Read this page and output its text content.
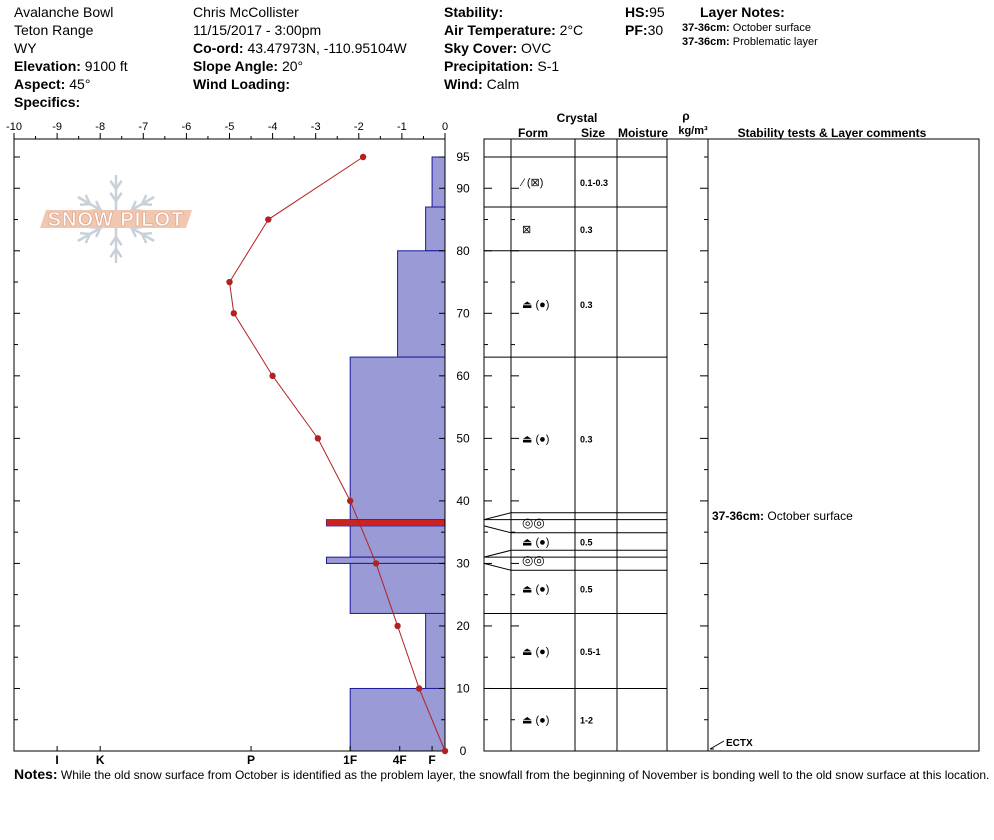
Avalanche Bowl
Teton Range
WY
Elevation: 9100 ft
Aspect: 45°
Specifics:
Chris McCollister
11/15/2017 - 3:00pm
Co-ord: 43.47973N, -110.95104W
Slope Angle: 20°
Wind Loading:
Stability:
Air Temperature: 2°C
Sky Cover: OVC
Precipitation: S-1
Wind: Calm
HS:95
PF:30
Layer Notes:
37-36cm: October surface
37-36cm: Problematic layer
SNOW PILOT
-10	-9	-8	-7	-6	-5	-4	-3	-2	-1	0
95
90
80
70
60
50
40
30
20
10
0
I	K	P	1F	4F F
Crystal
Form	Size Moisture
ρ
kg/m³ Stability tests & Layer comments
⁄ (⊠)	0.1-0.3
⊠	0.3
⏏ (●)	0.3
⏏ (●)	0.3
◎◎
⏏ (●)	0.5
◎◎
⏏ (●)	0.5
⏏ (●)	0.5-1
⏏ (●)	1-2
37-36cm: October surface
ECTX
Notes: While the old snow surface from October is identified as the problem layer, the snowfall from the beginning of November is bonding well to the old snow surface at this location.
